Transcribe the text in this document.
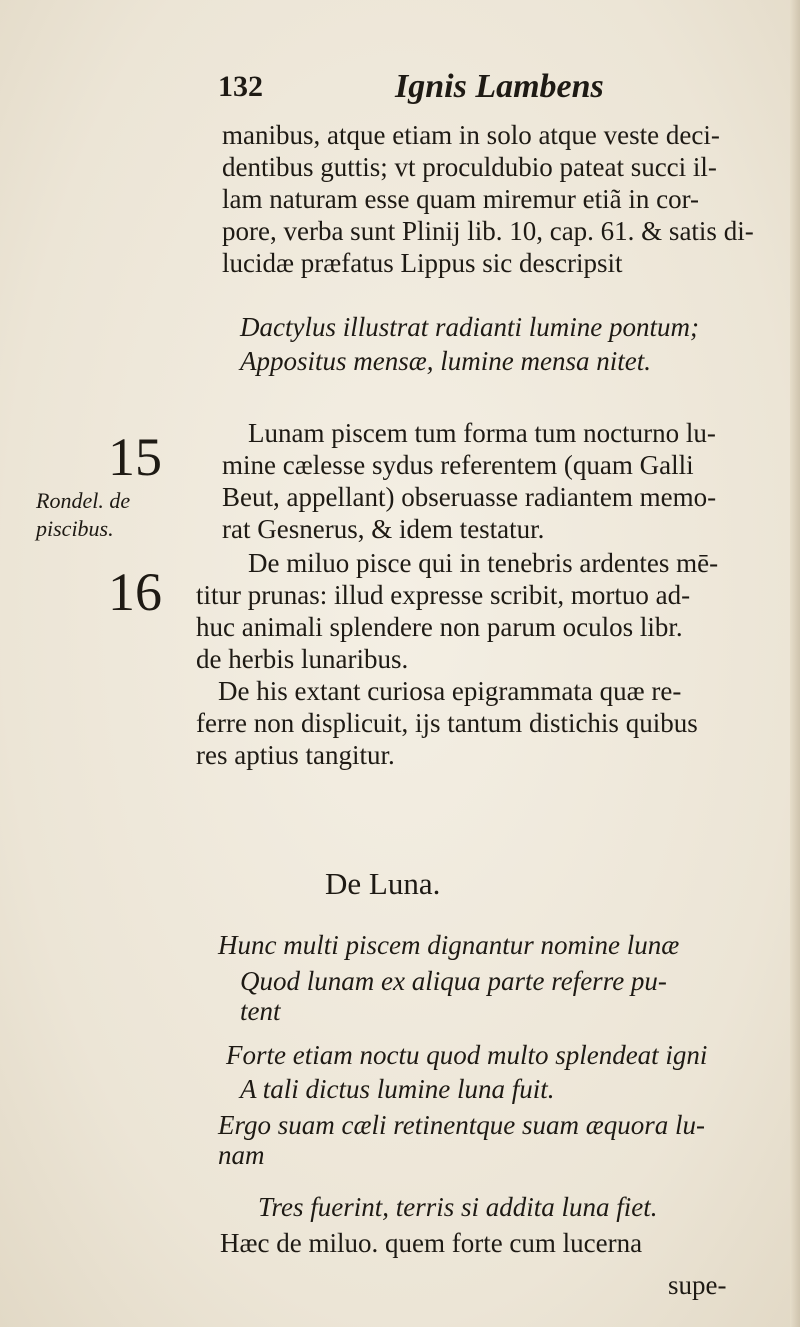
132	Ignis Lambens
manibus, atque etiam in solo atque veste deci-
dentibus guttis; vt proculdubio pateat succi il-
lam naturam esse quam miremur etiã in cor-
pore, verba sunt Plinij lib. 10, cap. 61. & satis di-
lucidæ præfatus Lippus sic descripsit
Dactylus illustrat radianti lumine pontum;
Appositus mensæ, lumine mensa nitet.
15
Rondel. de
piscibus.
16
Lunam piscem tum forma tum nocturno lu-
mine cælesse sydus referentem (quam Galli
Beut, appellant) obseruasse radiantem memo-
rat Gesnerus, & idem testatur.
De miluo pisce qui in tenebris ardentes mē-
titur prunas: illud expresse scribit, mortuo ad-
huc animali splendere non parum oculos libr.
de herbis lunaribus.
De his extant curiosa epigrammata quæ re-
ferre non displicuit, ijs tantum distichis quibus
res aptius tangitur.
De Luna.
Hunc multi piscem dignantur nomine lunæ
Quod lunam ex aliqua parte referre pu-
tent
Forte etiam noctu quod multo splendeat igni
A tali dictus lumine luna fuit.
Ergo suam cæli retinentque suam æquora lu-
nam
Tres fuerint, terris si addita luna fiet.
Hæc de miluo. quem forte cum lucerna
supe-
